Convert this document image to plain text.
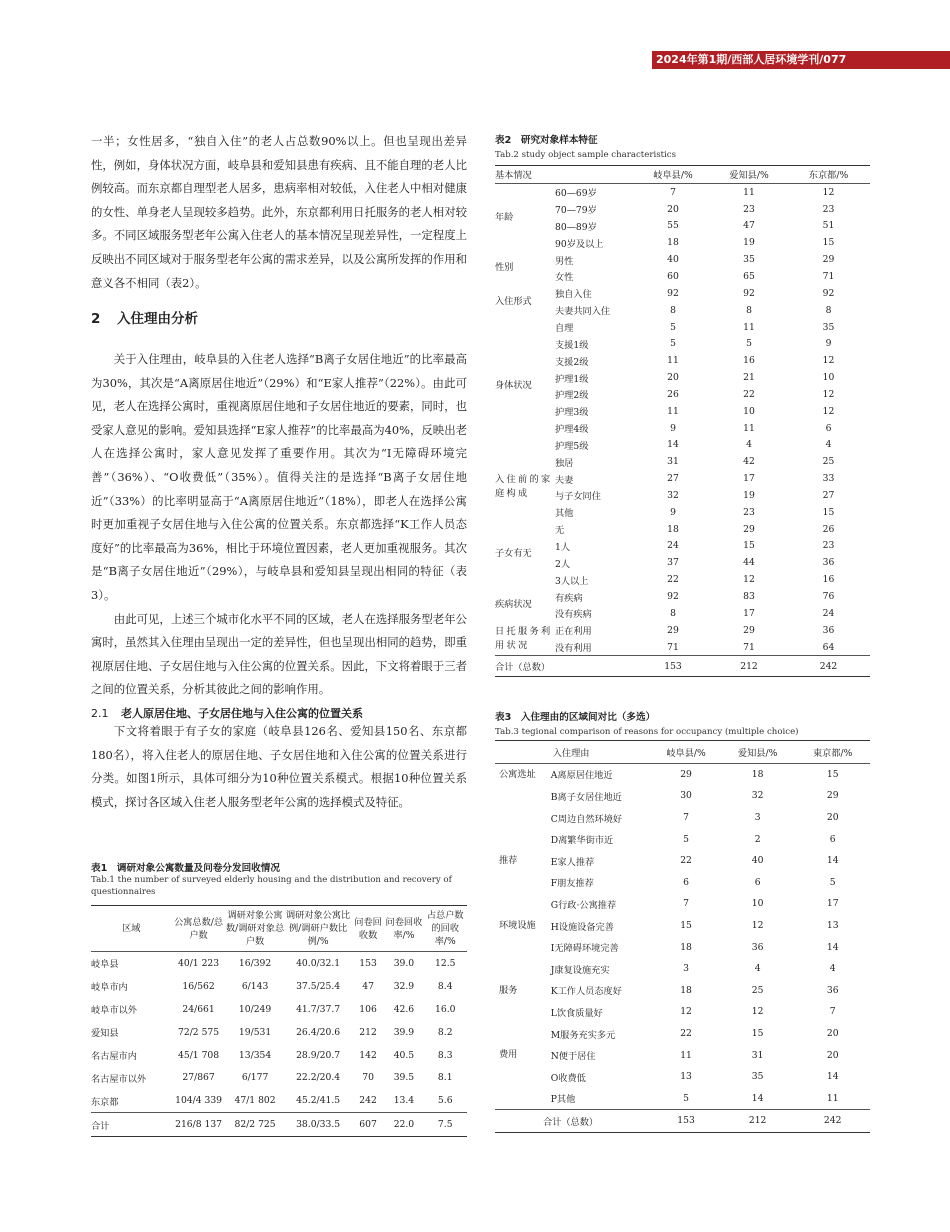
2024年第1期/西部人居环境学刊/077

一半；女性居多，“独自入住”的老人占总数90%以上。但也呈现出差异性，例如，身体状况方面，岐阜县和爱知县患有疾病、且不能自理的老人比例较高。而东京都自理型老人居多，患病率相对较低，入住老人中相对健康的女性、单身老人呈现较多趋势。此外，东京都利用日托服务的老人相对较多。不同区域服务型老年公寓入住老人的基本情况呈现差异性，一定程度上反映出不同区域对于服务型老年公寓的需求差异，以及公寓所发挥的作用和意义各不相同（表2）。

2 入住理由分析

关于入住理由，岐阜县的入住老人选择“B离子女居住地近”的比率最高为30%，其次是“A离原居住地近”（29%）和“E家人推荐”（22%）。由此可见，老人在选择公寓时，重视离原居住地和子女居住地近的要素，同时，也受家人意见的影响。爱知县选择“E家人推荐”的比率最高为40%，反映出老人在选择公寓时，家人意见发挥了重要作用。其次为“I无障碍环境完善”（36%）、“O收费低”（35%）。值得关注的是选择“B离子女居住地近”（33%）的比率明显高于“A离原居住地近”（18%），即老人在选择公寓时更加重视子女居住地与入住公寓的位置关系。东京都选择“K工作人员态度好”的比率最高为36%，相比于环境位置因素，老人更加重视服务。其次是“B离子女居住地近”（29%），与岐阜县和爱知县呈现出相同的特征（表3）。

由此可见，上述三个城市化水平不同的区域，老人在选择服务型老年公寓时，虽然其入住理由呈现出一定的差异性，但也呈现出相同的趋势，即重视原居住地、子女居住地与入住公寓的位置关系。因此，下文将着眼于三者之间的位置关系，分析其彼此之间的影响作用。

2.1 老人原居住地、子女居住地与入住公寓的位置关系

下文将着眼于有子女的家庭（岐阜县126名、爱知县150名、东京都180名），将入住老人的原居住地、子女居住地和入住公寓的位置关系进行分类。如图1所示，具体可细分为10种位置关系模式。根据10种位置关系模式，探讨各区域入住老人服务型老年公寓的选择模式及特征。

表1　调研对象公寓数量及问卷分发回收情况
Tab.1 the number of surveyed elderly housing and the distribution and recovery of questionnaires
区域	公寓总数/总户数	调研对象公寓数/调研对象总户数	调研对象公寓比例/调研户数比例/%	问卷回收数	问卷回收率/%	占总户数的回收率/%
岐阜县	40/1 223	16/392	40.0/32.1	153	39.0	12.5
岐阜市内	16/562	6/143	37.5/25.4	47	32.9	8.4
岐阜市以外	24/661	10/249	41.7/37.7	106	42.6	16.0
爱知县	72/2 575	19/531	26.4/20.6	212	39.9	8.2
名古屋市内	45/1 708	13/354	28.9/20.7	142	40.5	8.3
名古屋市以外	27/867	6/177	22.2/20.4	70	39.5	8.1
东京都	104/4 339	47/1 802	45.2/41.5	242	13.4	5.6
合计	216/8 137	82/2 725	38.0/33.5	607	22.0	7.5
表2　研究对象样本特征
Tab.2 study object sample characteristics
基本情况		岐阜县/%	爱知县/%	东京都/%
年龄	60—69岁	7	11	12
	70—79岁	20	23	23
	80—89岁	55	47	51
	90岁及以上	18	19	15
性别	男性	40	35	29
	女性	60	65	71
入住形式	独自入住	92	92	92
	夫妻共同入住	8	8	8
身体状况	自理	5	11	35
	支援1级	5	5	9
	支援2级	11	16	12
	护理1级	20	21	10
	护理2级	26	22	12
	护理3级	11	10	12
	护理4级	9	11	6
	护理5级	14	4	4
入住前的家庭构成	独居	31	42	25
	夫妻	27	17	33
	与子女同住	32	19	27
	其他	9	23	15
子女有无	无	18	29	26
	1人	24	15	23
	2人	37	44	36
	3人以上	22	12	16
疾病状况	有疾病	92	83	76
	没有疾病	8	17	24
日托服务利用状况	正在利用	29	29	36
	没有利用	71	71	64
合计（总数）		153	212	242
表3　入住理由的区域间对比（多选）
Tab.3 tegional comparison of reasons for occupancy (multiple choice)
	入住理由	岐阜县/%	爱知县/%	東京都/%
公寓选址	A离原居住地近	29	18	15
	B离子女居住地近	30	32	29
	C周边自然环境好	7	3	20
	D离繁华街市近	5	2	6
推荐	E家人推荐	22	40	14
	F朋友推荐	6	6	5
	G行政·公寓推荐	7	10	17
环境设施	H设施设备完善	15	12	13
	I无障碍环境完善	18	36	14
	J康复设施充实	3	4	4
服务	K工作人员态度好	18	25	36
	L饮食质量好	12	12	7
	M服务充实多元	22	15	20
费用	N便于居住	11	31	20
	O收费低	13	35	14
	P其他	5	14	11
合计（总数）		153	212	242
